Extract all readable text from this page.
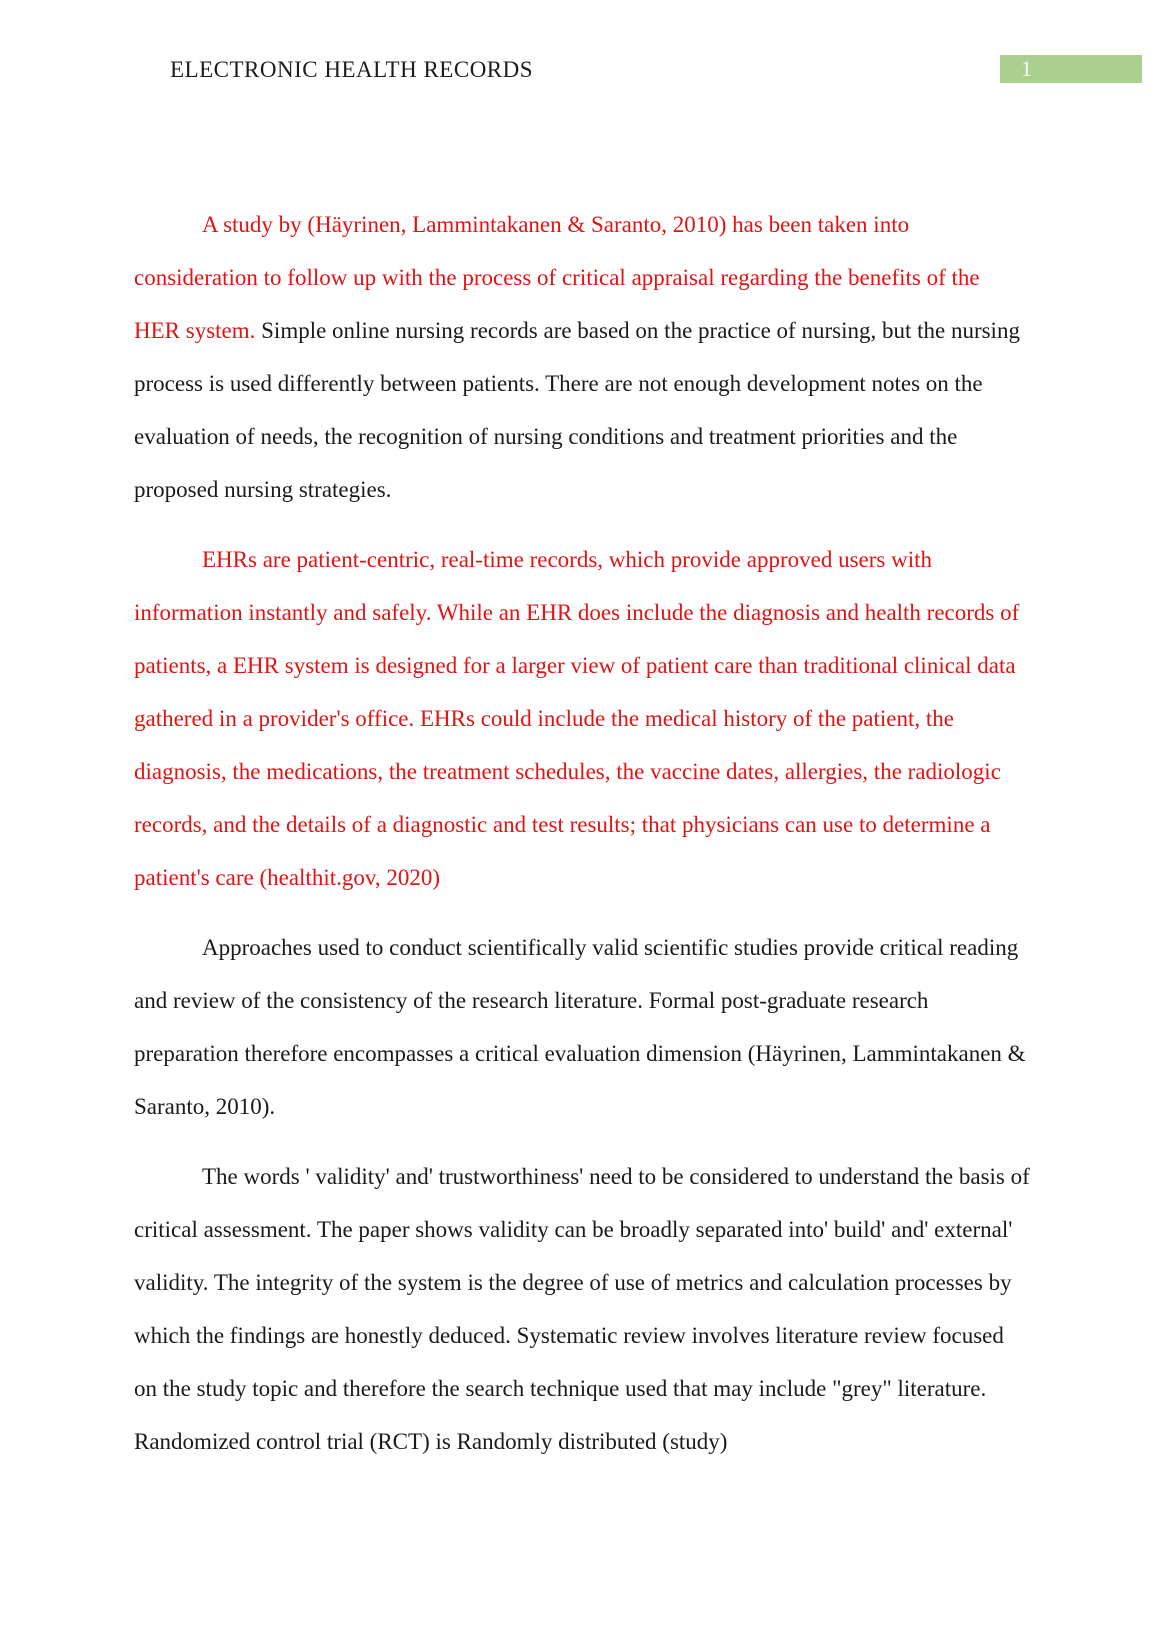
ELECTRONIC HEALTH RECORDS	1

A study by (Häyrinen, Lammintakanen & Saranto, 2010) has been taken into consideration to follow up with the process of critical appraisal regarding the benefits of the HER system. Simple online nursing records are based on the practice of nursing, but the nursing process is used differently between patients. There are not enough development notes on the evaluation of needs, the recognition of nursing conditions and treatment priorities and the proposed nursing strategies.

EHRs are patient-centric, real-time records, which provide approved users with information instantly and safely. While an EHR does include the diagnosis and health records of patients, a EHR system is designed for a larger view of patient care than traditional clinical data gathered in a provider's office. EHRs could include the medical history of the patient, the diagnosis, the medications, the treatment schedules, the vaccine dates, allergies, the radiologic records, and the details of a diagnostic and test results; that physicians can use to determine a patient's care (healthit.gov, 2020)

Approaches used to conduct scientifically valid scientific studies provide critical reading and review of the consistency of the research literature. Formal post-graduate research preparation therefore encompasses a critical evaluation dimension (Häyrinen, Lammintakanen & Saranto, 2010).

The words ' validity' and' trustworthiness' need to be considered to understand the basis of critical assessment. The paper shows validity can be broadly separated into' build' and' external' validity. The integrity of the system is the degree of use of metrics and calculation processes by which the findings are honestly deduced. Systematic review involves literature review focused on the study topic and therefore the search technique used that may include "grey" literature. Randomized control trial (RCT) is Randomly distributed (study)
